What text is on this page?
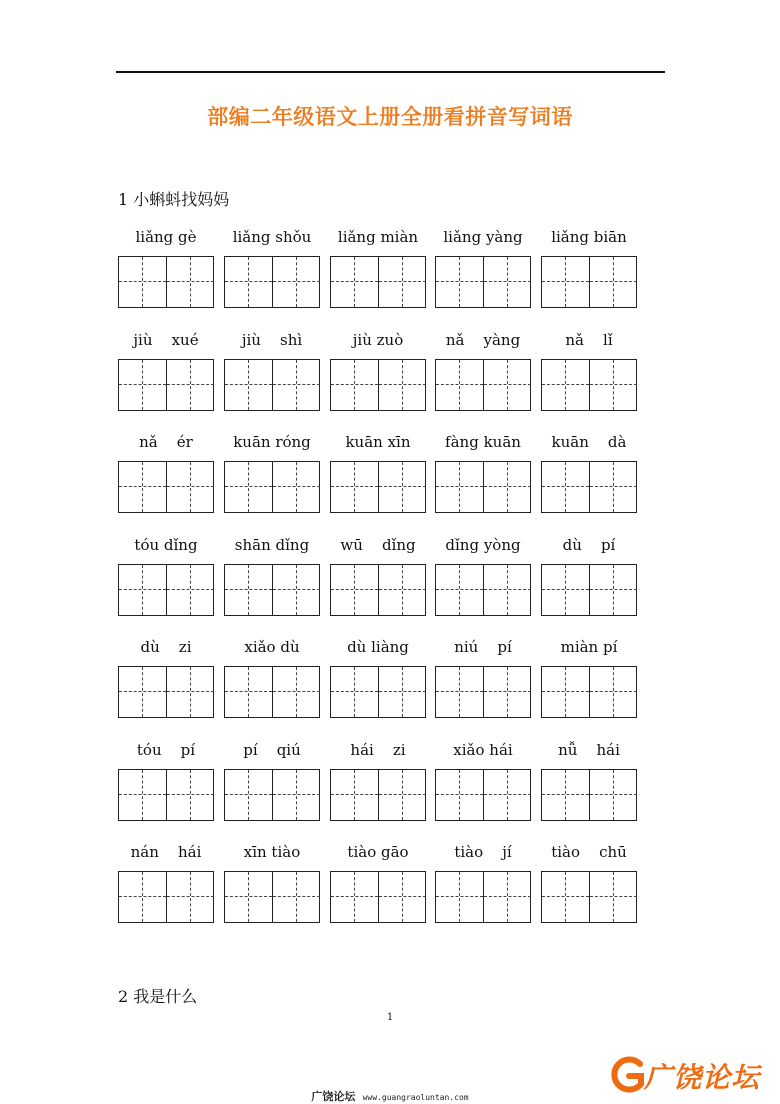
部编二年级语文上册全册看拼音写词语
1 小蝌蚪找妈妈
liǎng gè	liǎng shǒu	liǎng miàn	liǎng yàng	liǎng biān
jiù    xué	jiù    shì	jiù zuò	nǎ    yàng	nǎ    lǐ
nǎ    ér	kuān róng	kuān xīn	fàng kuān	kuān    dà
tóu dǐng	shān dǐng	wū    dǐng	dǐng yòng	dù    pí
dù    zi	xiǎo dù	dù liàng	niú    pí	miàn pí
tóu    pí	pí    qiú	hái    zi	xiǎo hái	nǚ    hái
nán    hái	xīn tiào	tiào gāo	tiào    jí	tiào    chū
2 我是什么
1
广饶论坛 www.guangraoluntan.com
广饶论坛
